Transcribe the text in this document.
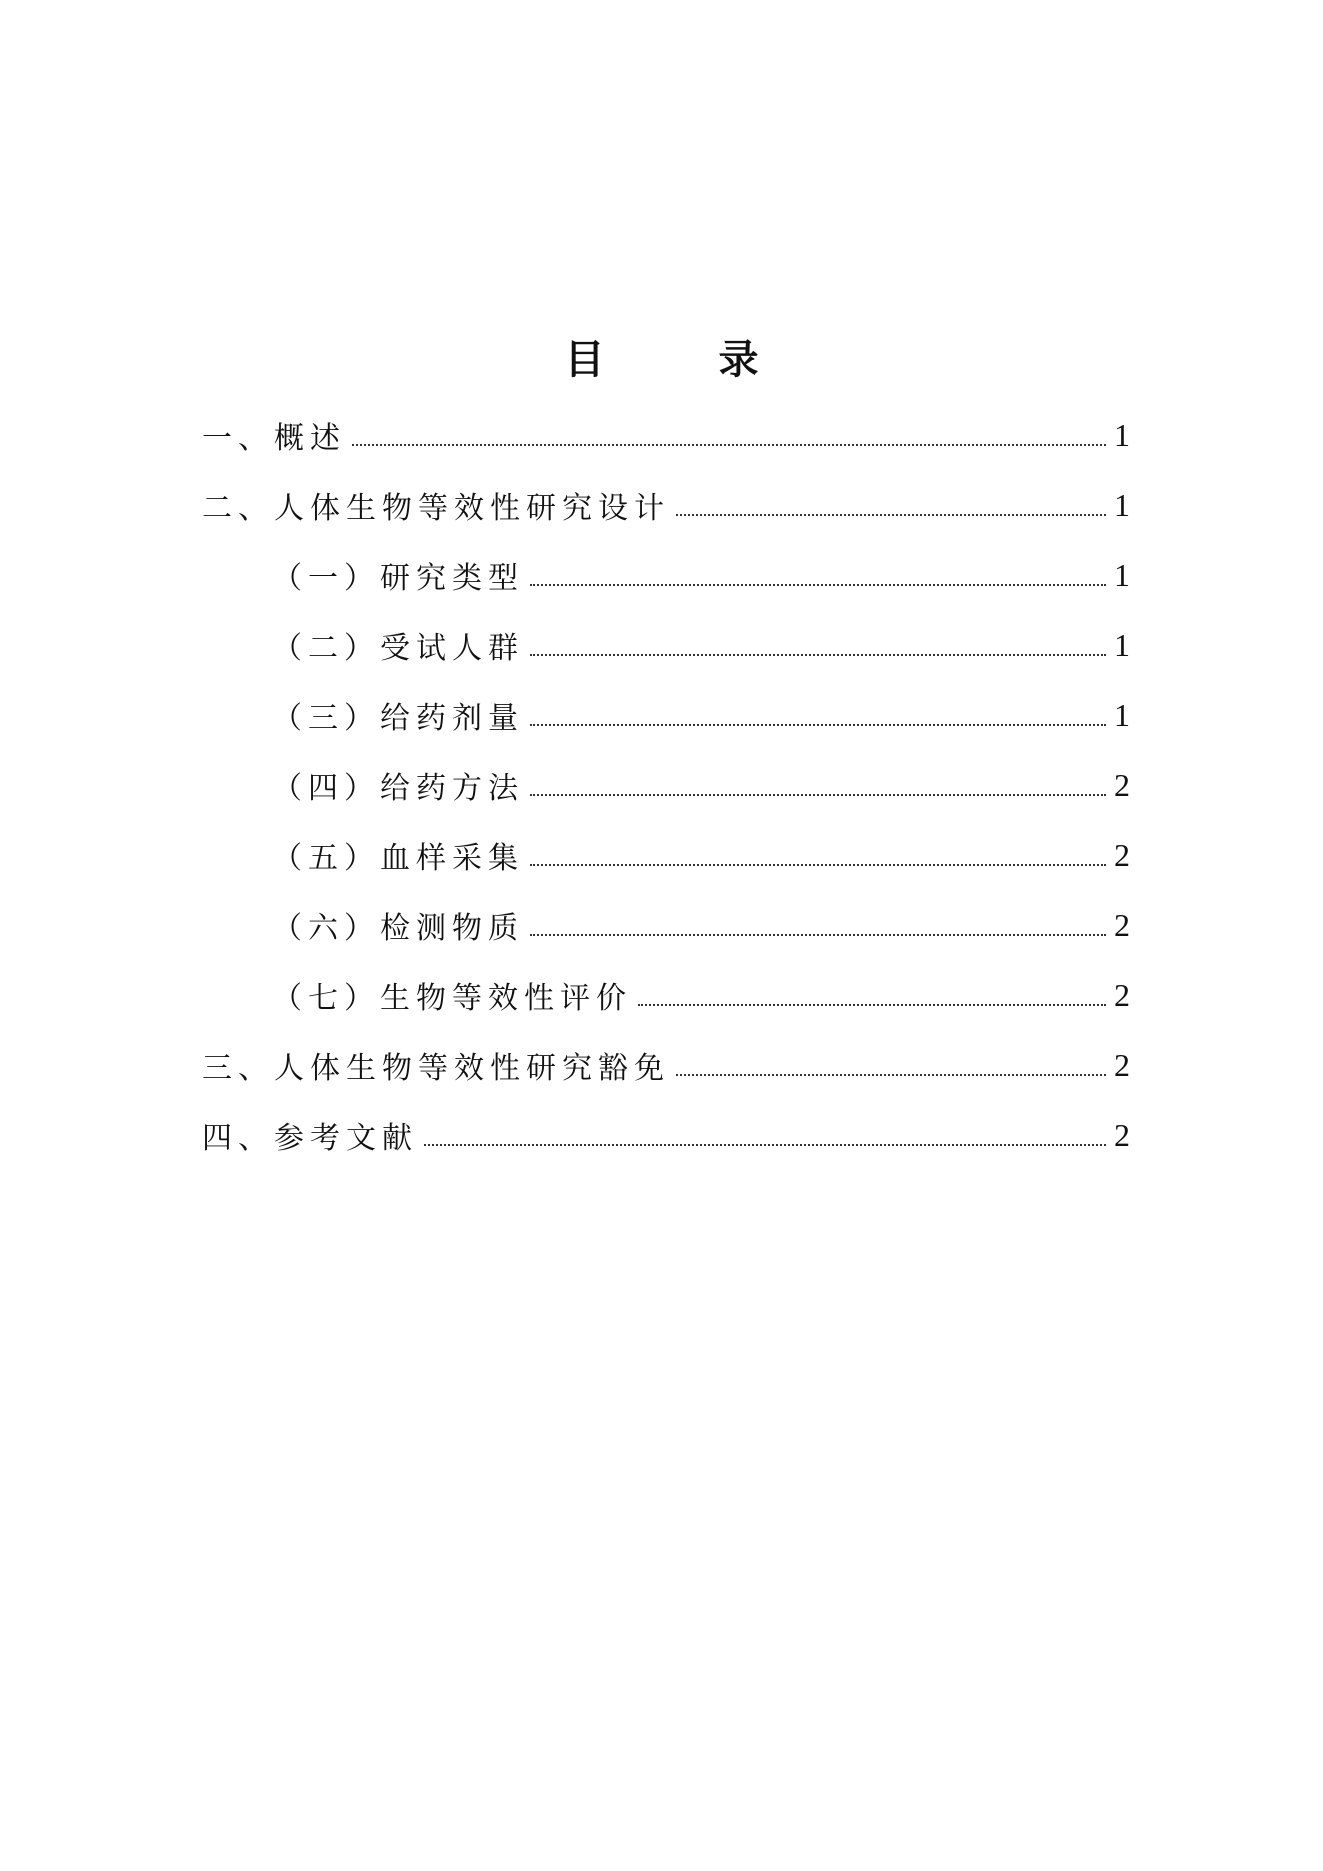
目 录
一、概述	1
二、人体生物等效性研究设计	1
（一）研究类型	1
（二）受试人群	1
（三）给药剂量	1
（四）给药方法	2
（五）血样采集	2
（六）检测物质	2
（七）生物等效性评价	2
三、人体生物等效性研究豁免	2
四、参考文献	2
